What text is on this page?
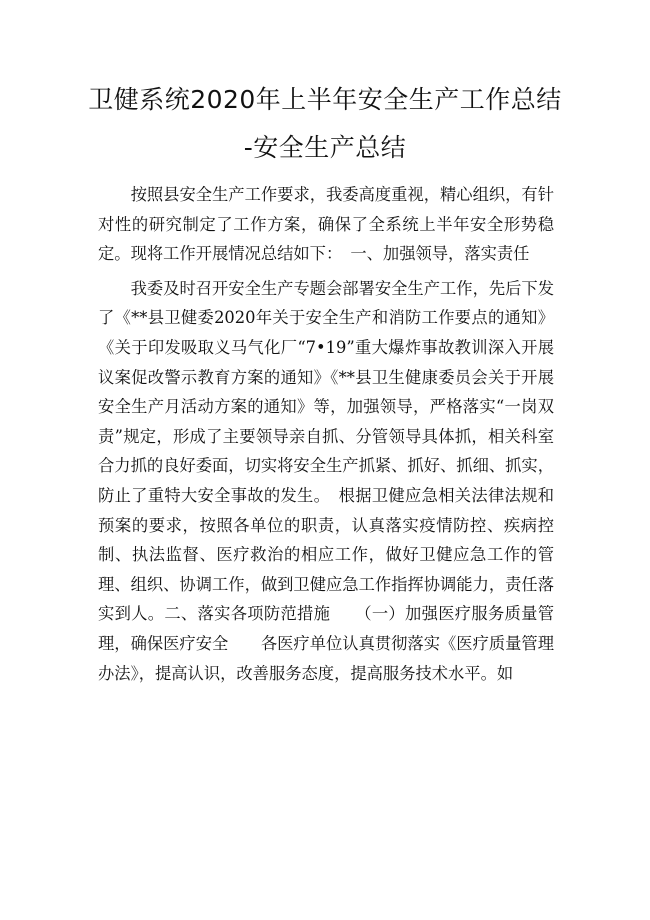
卫健系统2020年上半年安全生产工作总结
-安全生产总结

按照县安全生产工作要求，我委高度重视，精心组织，有针对性的研究制定了工作方案，确保了全系统上半年安全形势稳定。现将工作开展情况总结如下：　一、加强领导，落实责任

我委及时召开安全生产专题会部署安全生产工作，先后下发了《**县卫健委2020年关于安全生产和消防工作要点的通知》《关于印发吸取义马气化厂“7•19”重大爆炸事故教训深入开展议案促改警示教育方案的通知》《**县卫生健康委员会关于开展安全生产月活动方案的通知》等，加强领导，严格落实“一岗双责”规定，形成了主要领导亲自抓、分管领导具体抓，相关科室合力抓的良好委面，切实将安全生产抓紧、抓好、抓细、抓实，防止了重特大安全事故的发生。　根据卫健应急相关法律法规和预案的要求，按照各单位的职责，认真落实疫情防控、疾病控制、执法监督、医疗救治的相应工作，做好卫健应急工作的管理、组织、协调工作，做到卫健应急工作指挥协调能力，责任落实到人。二、落实各项防范措施　　（一）加强医疗服务质量管理，确保医疗安全　　各医疗单位认真贯彻落实《医疗质量管理办法》，提高认识，改善服务态度，提高服务技术水平。如
